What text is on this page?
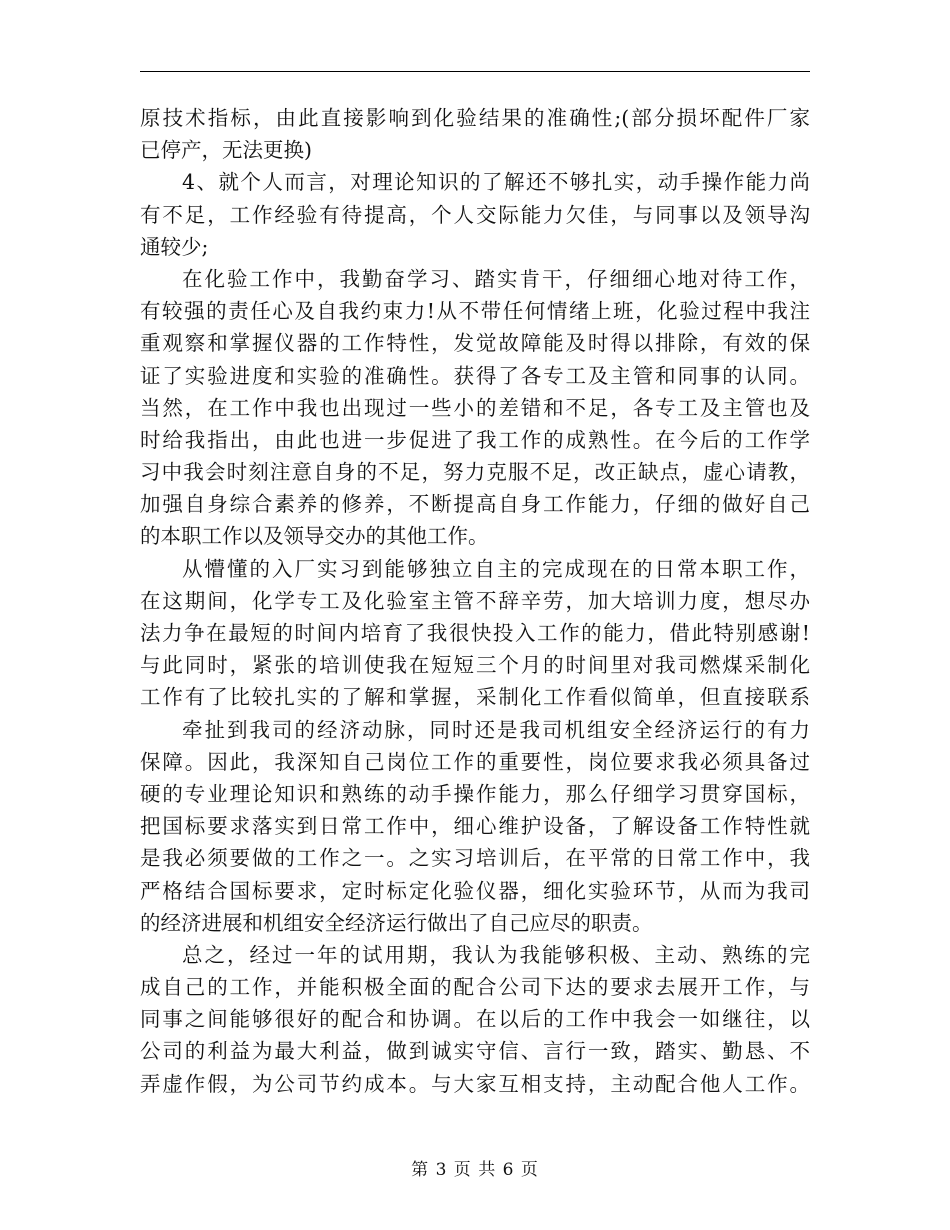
原技术指标，由此直接影响到化验结果的准确性;(部分损坏配件厂家
已停产，无法更换)
4、就个人而言，对理论知识的了解还不够扎实，动手操作能力尚
有不足，工作经验有待提高，个人交际能力欠佳，与同事以及领导沟
通较少;
在化验工作中，我勤奋学习、踏实肯干，仔细细心地对待工作，
有较强的责任心及自我约束力!从不带任何情绪上班，化验过程中我注
重观察和掌握仪器的工作特性，发觉故障能及时得以排除，有效的保
证了实验进度和实验的准确性。获得了各专工及主管和同事的认同。
当然，在工作中我也出现过一些小的差错和不足，各专工及主管也及
时给我指出，由此也进一步促进了我工作的成熟性。在今后的工作学
习中我会时刻注意自身的不足，努力克服不足，改正缺点，虚心请教，
加强自身综合素养的修养，不断提高自身工作能力，仔细的做好自己
的本职工作以及领导交办的其他工作。
从懵懂的入厂实习到能够独立自主的完成现在的日常本职工作，
在这期间，化学专工及化验室主管不辞辛劳，加大培训力度，想尽办
法力争在最短的时间内培育了我很快投入工作的能力，借此特别感谢!
与此同时，紧张的培训使我在短短三个月的时间里对我司燃煤采制化
工作有了比较扎实的了解和掌握，采制化工作看似简单，但直接联系
牵扯到我司的经济动脉，同时还是我司机组安全经济运行的有力
保障。因此，我深知自己岗位工作的重要性，岗位要求我必须具备过
硬的专业理论知识和熟练的动手操作能力，那么仔细学习贯穿国标，
把国标要求落实到日常工作中，细心维护设备，了解设备工作特性就
是我必须要做的工作之一。之实习培训后，在平常的日常工作中，我
严格结合国标要求，定时标定化验仪器，细化实验环节，从而为我司
的经济进展和机组安全经济运行做出了自己应尽的职责。
总之，经过一年的试用期，我认为我能够积极、主动、熟练的完
成自己的工作，并能积极全面的配合公司下达的要求去展开工作，与
同事之间能够很好的配合和协调。在以后的工作中我会一如继往，以
公司的利益为最大利益，做到诚实守信、言行一致，踏实、勤恳、不
弄虚作假，为公司节约成本。与大家互相支持，主动配合他人工作。
第 3 页 共 6 页
